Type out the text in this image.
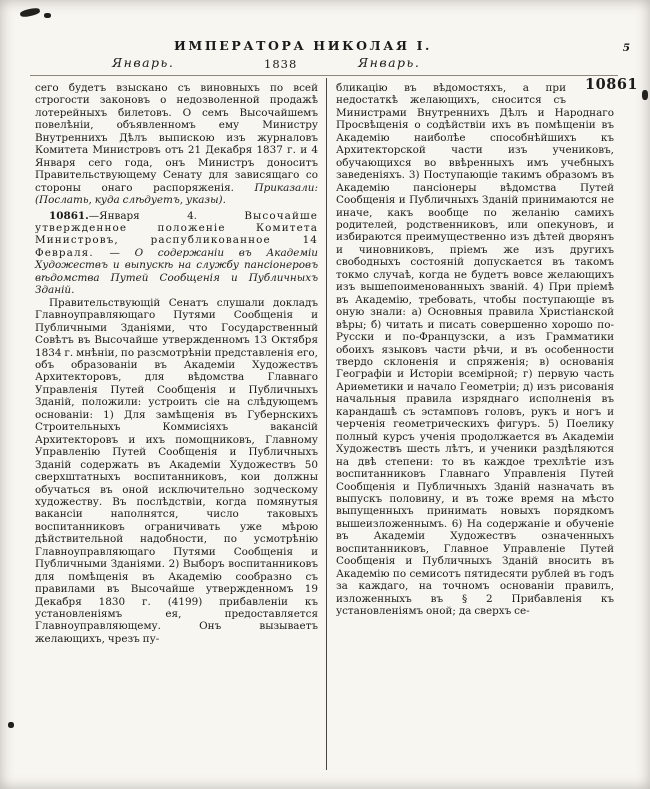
ИМПЕРАТОРА НИКОЛАЯ I.	5
Январь.	1838	Январь.
10861

сего будетъ взыскано съ виновныхъ по всей строгости законовъ о недозволенной продажѣ лотерейныхъ билетовъ. О семъ Высочайшемъ повелѣніи, объявленномъ ему Министру Внутреннихъ Дѣлъ выпискою изъ журналовъ Комитета Министровъ отъ 21 Декабря 1837 г. и 4 Января сего года, онъ Министръ доноситъ Правительствующему Сенату для зависящаго со стороны онаго распоряженія. Приказали: (Послать, куда слѣдуетъ, указы).

10861.—Января 4. Высочайше утвержденное положеніе Комитета Министровъ, распубликованное 14 Февраля. — О содержаніи въ Академіи Художествъ и выпускѣ на службу пансіонеровъ вѣдомства Путей Сообщенія и Публичныхъ Зданій.

Правительствующій Сенатъ слушали докладъ Главноуправляющаго Путями Сообщенія и Публичными Зданіями, что Государственный Совѣтъ въ Высочайше утвержденномъ 13 Октября 1834 г. мнѣніи, по разсмотрѣніи представленія его, объ образованіи въ Академіи Художествъ Архитекторовъ, для вѣдомства Главнаго Управленія Путей Сообщенія и Публичныхъ Зданій, положили: устроить сіе на слѣдующемъ основаніи: 1) Для замѣщенія въ Губернскихъ Строительныхъ Коммисіяхъ вакансій Архитекторовъ и ихъ помощниковъ, Главному Управленію Путей Сообщенія и Публичныхъ Зданій содержать въ Академіи Художествъ 50 сверхштатныхъ воспитанниковъ, кои должны обучаться въ оной исключительно зодческому художеству. Въ послѣдствіи, когда помянутыя вакансіи наполнятся, число таковыхъ воспитанниковъ ограничивать уже мѣрою дѣйствительной надобности, по усмотрѣнію Главноуправляющаго Путями Сообщенія и Публичными Зданіями. 2) Выборъ воспитанниковъ для помѣщенія въ Академію сообразно съ правилами въ Высочайше утвержденномъ 19 Декабря 1830 г. (4199) прибавленіи къ установленіямъ ея, предоставляется Главноуправляющему. Онъ вызываетъ желающихъ, чрезъ пу-

бликацію въ вѣдомостяхъ, а при недостаткѣ желающихъ, сносится съ Министрами Внутреннихъ Дѣлъ и Народнаго Просвѣщенія о содѣйствіи ихъ въ помѣщеніи въ Академію наиболѣе способнѣйшихъ къ Архитекторской части изъ учениковъ, обучающихся во ввѣренныхъ имъ учебныхъ заведеніяхъ. 3) Поступающіе такимъ образомъ въ Академію пансіонеры вѣдомства Путей Сообщенія и Публичныхъ Зданій принимаются не иначе, какъ вообще по желанію самихъ родителей, родственниковъ, или опекуновъ, и избираются преимущественно изъ дѣтей дворянъ и чиновниковъ, пріемъ же изъ другихъ свободныхъ состояній допускается въ такомъ токмо случаѣ, когда не будетъ вовсе желающихъ изъ вышепоименованныхъ званій. 4) При пріемѣ въ Академію, требовать, чтобы поступающіе въ оную знали: а) Основныя правила Христіанской вѣры; б) читать и писать совершенно хорошо по-Русски и по-Французски, а изъ Грамматики обоихъ языковъ части рѣчи, и въ особенности твердо склоненія и спряженія; в) основанія Географіи и Исторіи всемірной; г) первую часть Ариѳметики и начало Геометріи; д) изъ рисованія начальныя правила изряднаго исполненія въ карандашѣ съ эстамповъ головъ, рукъ и ногъ и черченія геометрическихъ фигуръ. 5) Поелику полный курсъ ученія продолжается въ Академіи Художествъ шесть лѣтъ, и ученики раздѣляются на двѣ степени: то въ каждое трехлѣтіе изъ воспитанниковъ Главнаго Управленія Путей Сообщенія и Публичныхъ Зданій назначать въ выпускъ половину, и въ тоже время на мѣсто выпущенныхъ принимать новыхъ порядкомъ вышеизложеннымъ. 6) На содержаніе и обученіе въ Академіи Художествъ означенныхъ воспитанниковъ, Главное Управленіе Путей Сообщенія и Публичныхъ Зданій вносить въ Академію по семисотъ пятидесяти рублей въ годъ за каждаго, на точномъ основаніи правилъ, изложенныхъ въ § 2 Прибавленія къ установленіямъ оной; да сверхъ се-
